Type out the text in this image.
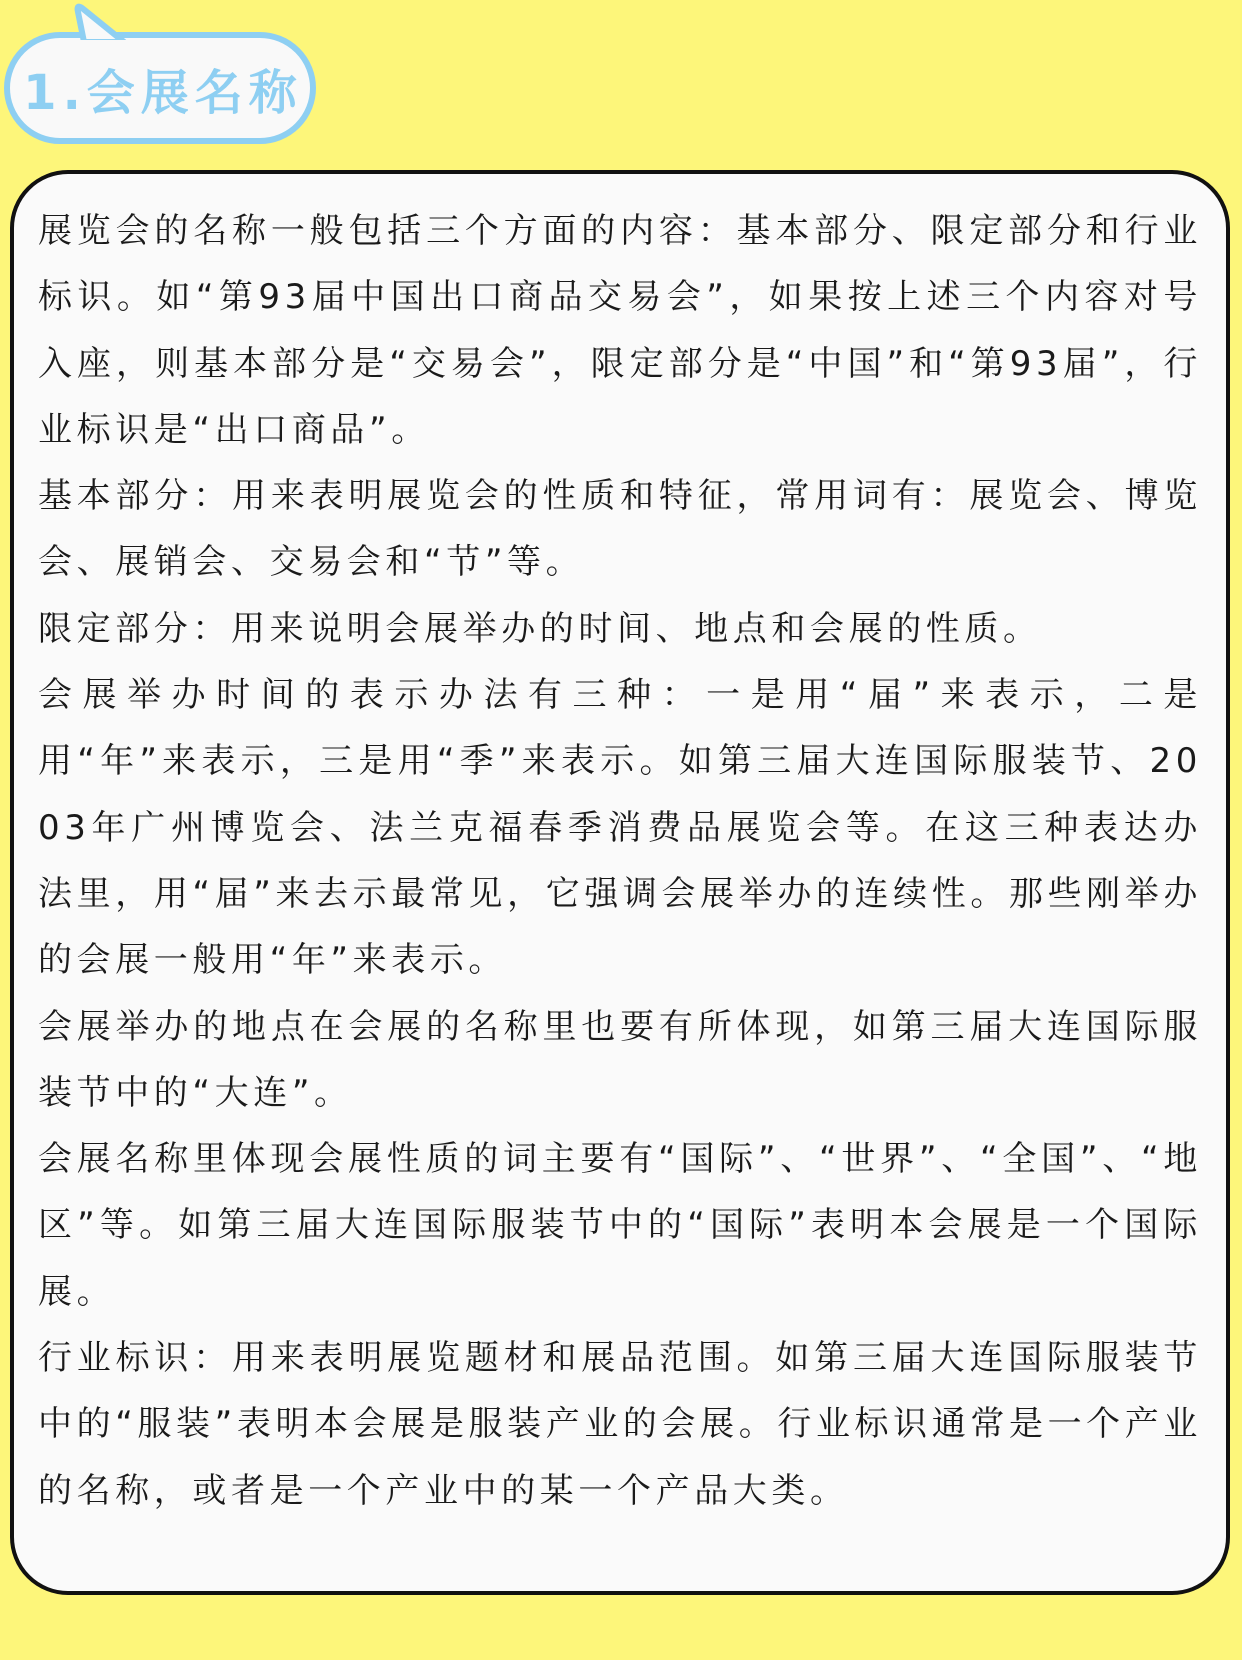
1.会展名称

展览会的名称一般包括三个方面的内容：基本部分、限定部分和行业标识。如“第93届中国出口商品交易会”，如果按上述三个内容对号入座，则基本部分是“交易会”，限定部分是“中国”和“第93届”，行业标识是“出口商品”。

基本部分：用来表明展览会的性质和特征，常用词有：展览会、博览会、展销会、交易会和“节”等。

限定部分：用来说明会展举办的时间、地点和会展的性质。

会展举办时间的表示办法有三种：一是用“届”来表示，二是用“年”来表示，三是用“季”来表示。如第三届大连国际服装节、2003年广州博览会、法兰克福春季消费品展览会等。在这三种表达办法里，用“届”来去示最常见，它强调会展举办的连续性。那些刚举办的会展一般用“年”来表示。

会展举办的地点在会展的名称里也要有所体现，如第三届大连国际服装节中的“大连”。

会展名称里体现会展性质的词主要有“国际”、“世界”、“全国”、“地区”等。如第三届大连国际服装节中的“国际”表明本会展是一个国际展。

行业标识：用来表明展览题材和展品范围。如第三届大连国际服装节中的“服装”表明本会展是服装产业的会展。行业标识通常是一个产业的名称，或者是一个产业中的某一个产品大类。
